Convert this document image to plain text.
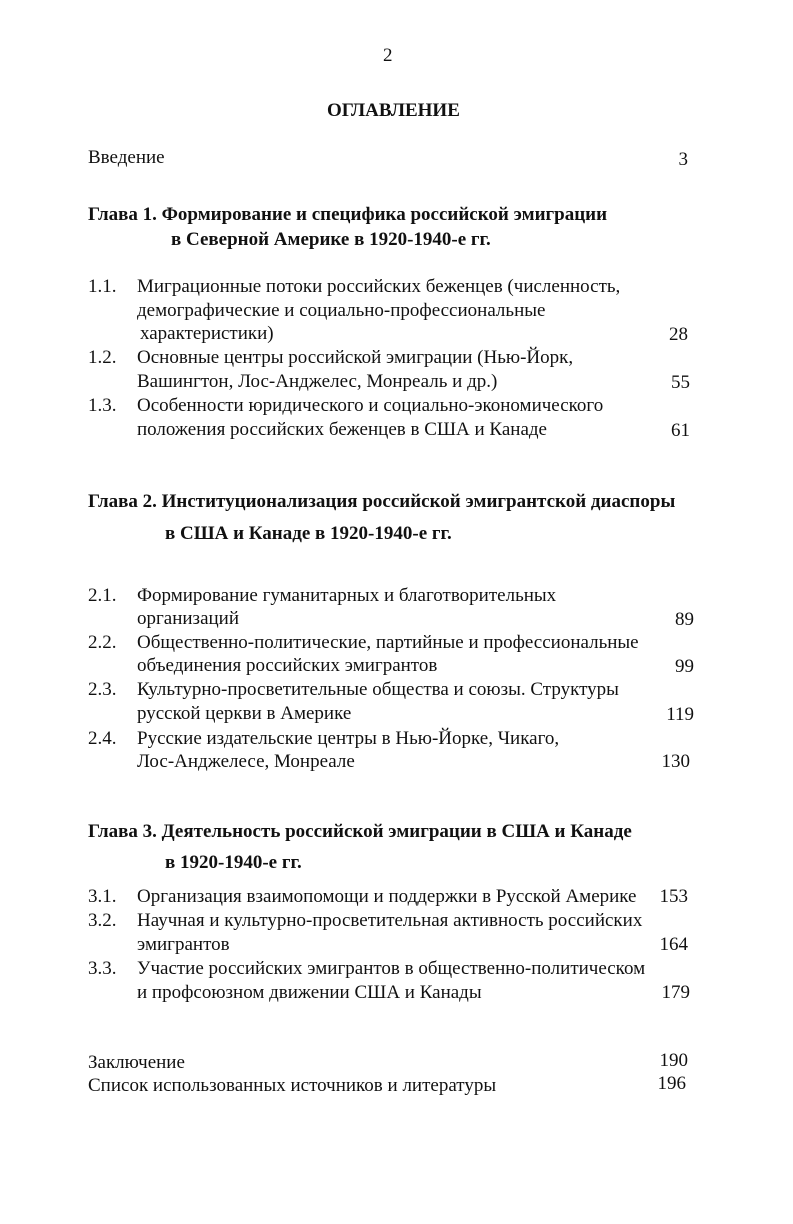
2
ОГЛАВЛЕНИЕ
Введение	3
Глава 1. Формирование и специфика российской эмиграции
в Северной Америке в 1920-1940-е гг.
1.1. Миграционные потоки российских беженцев (численность,
демографические и социально-профессиональные
характеристики)	28
1.2. Основные центры российской эмиграции (Нью-Йорк,
Вашингтон, Лос-Анджелес, Монреаль и др.)	55
1.3. Особенности юридического и социально-экономического
положения российских беженцев в США и Канаде	61
Глава 2. Институционализация российской эмигрантской диаспоры
в США и Канаде в 1920-1940-е гг.
2.1. Формирование гуманитарных и благотворительных
организаций	89
2.2. Общественно-политические, партийные и профессиональные
объединения российских эмигрантов	99
2.3. Культурно-просветительные общества и союзы. Структуры
русской церкви в Америке	119
2.4. Русские издательские центры в Нью-Йорке, Чикаго,
Лос-Анджелесе, Монреале	130
Глава 3. Деятельность российской эмиграции в США и Канаде
в 1920-1940-е гг.
3.1. Организация взаимопомощи и поддержки в Русской Америке	153
3.2. Научная и культурно-просветительная активность российских
эмигрантов	164
3.3. Участие российских эмигрантов в общественно-политическом
и профсоюзном движении США и Канады	179
Заключение	190
Список использованных источников и литературы	196
